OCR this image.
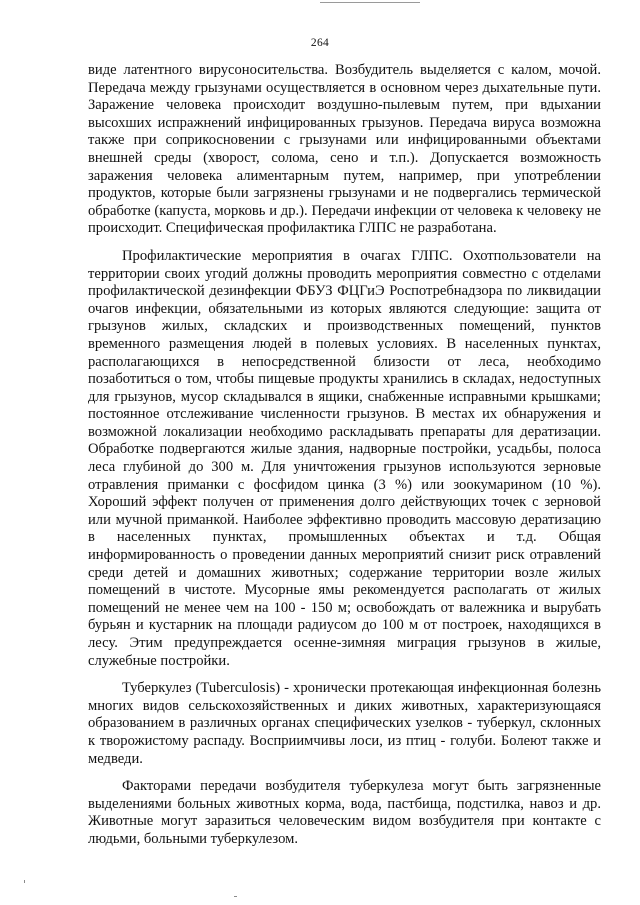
264

виде латентного вирусоносительства. Возбудитель выделяется с калом, мочой. Передача между грызунами осуществляется в основном через дыхательные пути. Заражение человека происходит воздушно-пылевым путем, при вдыхании высохших испражнений инфицированных грызунов. Передача вируса возможна также при соприкосновении с грызунами или инфицированными объектами внешней среды (хворост, солома, сено и т.п.). Допускается возможность заражения человека алиментарным путем, например, при употреблении продуктов, которые были загрязнены грызунами и не подвергались термической обработке (капуста, морковь и др.). Передачи инфекции от человека к человеку не происходит. Специфическая профилактика ГЛПС не разработана.

Профилактические мероприятия в очагах ГЛПС. Охотпользователи на территории своих угодий должны проводить мероприятия совместно с отделами профилактической дезинфекции ФБУЗ ФЦГиЭ Роспотребнадзора по ликвидации очагов инфекции, обязательными из которых являются следующие: защита от грызунов жилых, складских и производственных помещений, пунктов временного размещения людей в полевых условиях. В населенных пунктах, располагающихся в непосредственной близости от леса, необходимо позаботиться о том, чтобы пищевые продукты хранились в складах, недоступных для грызунов, мусор складывался в ящики, снабженные исправными крышками; постоянное отслеживание численности грызунов. В местах их обнаружения и возможной локализации необходимо раскладывать препараты для дератизации. Обработке подвергаются жилые здания, надворные постройки, усадьбы, полоса леса глубиной до 300 м. Для уничтожения грызунов используются зерновые отравления приманки с фосфидом цинка (3 %) или зоокумарином (10 %). Хороший эффект получен от применения долго действующих точек с зерновой или мучной приманкой. Наиболее эффективно проводить массовую дератизацию в населенных пунктах, промышленных объектах и т.д. Общая информированность о проведении данных мероприятий снизит риск отравлений среди детей и домашних животных; содержание территории возле жилых помещений в чистоте. Мусорные ямы рекомендуется располагать от жилых помещений не менее чем на 100 - 150 м; освобождать от валежника и вырубать бурьян и кустарник на площади радиусом до 100 м от построек, находящихся в лесу. Этим предупреждается осенне-зимняя миграция грызунов в жилые, служебные постройки.

Туберкулез (Tuberculosis) - хронически протекающая инфекционная болезнь многих видов сельскохозяйственных и диких животных, характеризующаяся образованием в различных органах специфических узелков - туберкул, склонных к творожистому распаду. Восприимчивы лоси, из птиц - голуби. Болеют также и медведи.

Факторами передачи возбудителя туберкулеза могут быть загрязненные выделениями больных животных корма, вода, пастбища, подстилка, навоз и др. Животные могут заразиться человеческим видом возбудителя при контакте с людьми, больными туберкулезом.
